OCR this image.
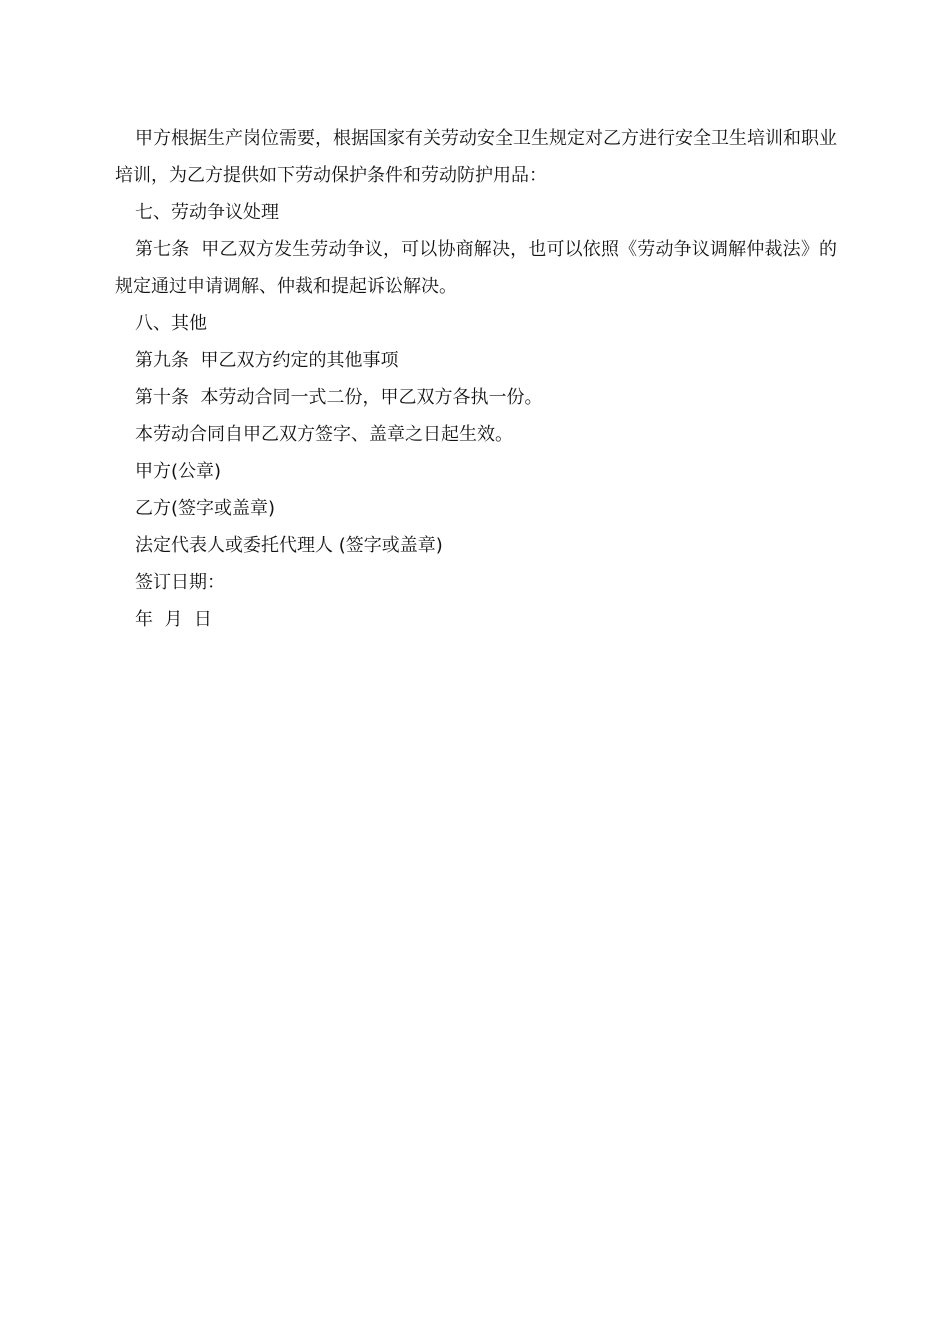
甲方根据生产岗位需要，根据国家有关劳动安全卫生规定对乙方进行安全卫生培训和职业培训，为乙方提供如下劳动保护条件和劳动防护用品：

七、劳动争议处理

第七条  甲乙双方发生劳动争议，可以协商解决，也可以依照《劳动争议调解仲裁法》的规定通过申请调解、仲裁和提起诉讼解决。

八、其他

第九条  甲乙双方约定的其他事项

第十条  本劳动合同一式二份，甲乙双方各执一份。

本劳动合同自甲乙双方签字、盖章之日起生效。

甲方(公章)

乙方(签字或盖章)

法定代表人或委托代理人 (签字或盖章)

签订日期：

年  月  日
